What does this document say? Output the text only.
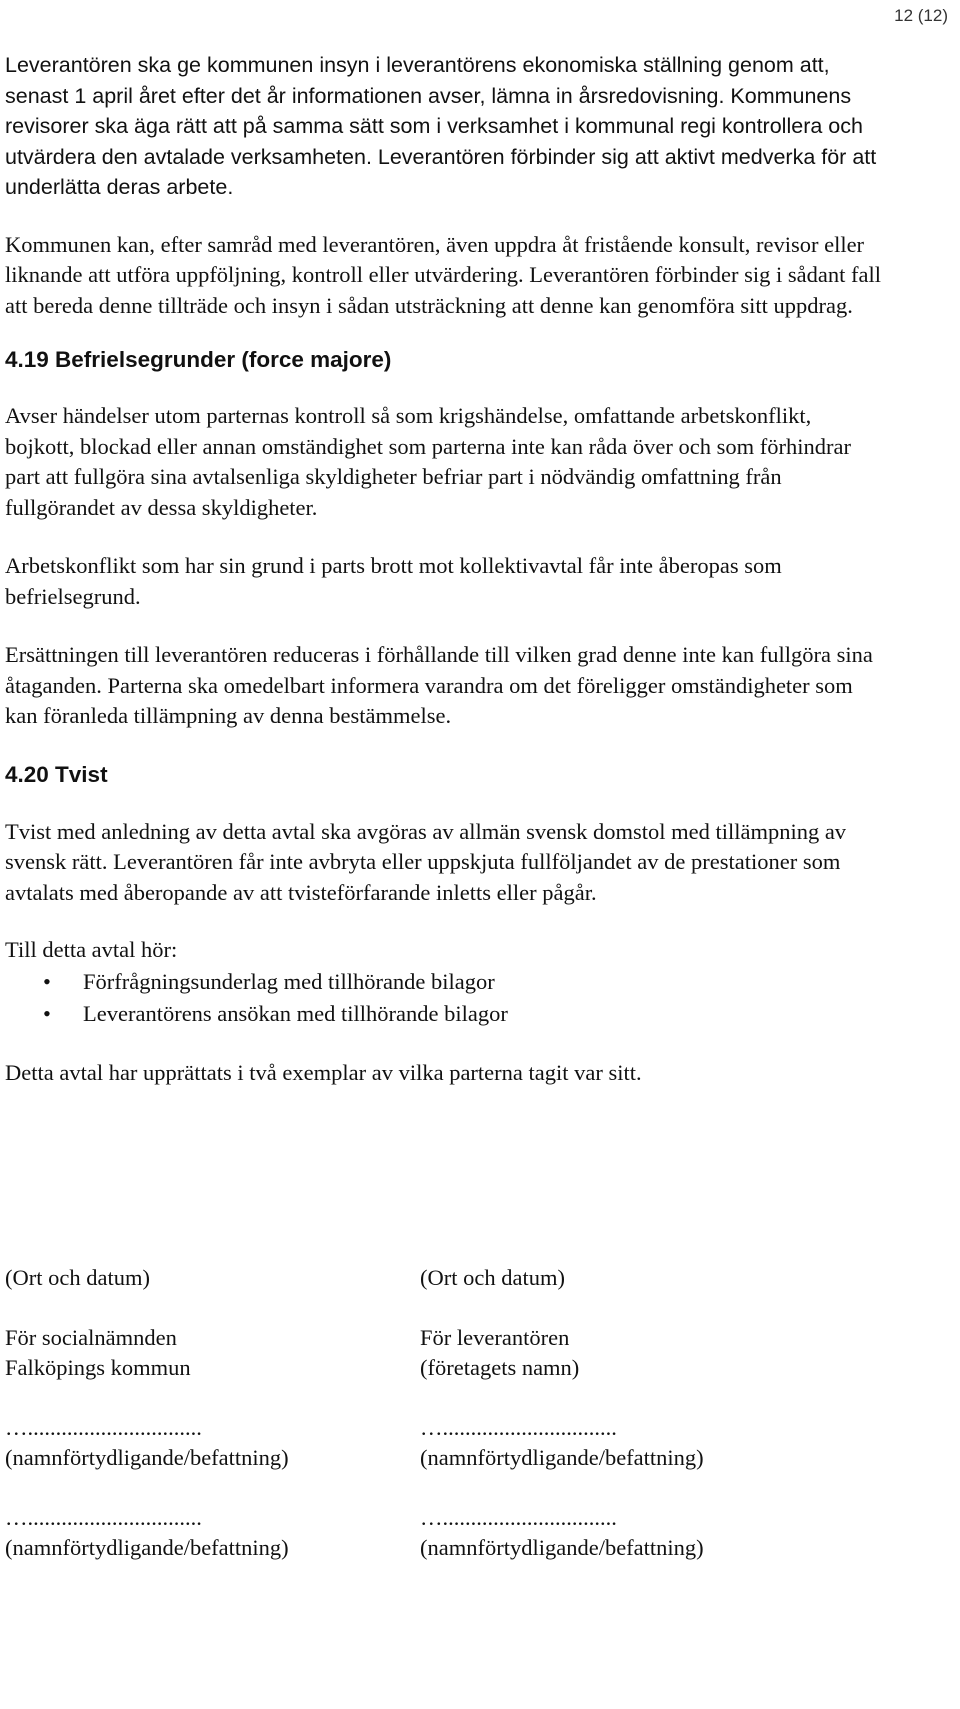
12 (12)

Leverantören ska ge kommunen insyn i leverantörens ekonomiska ställning genom att, senast 1 april året efter det år informationen avser, lämna in årsredovisning. Kommunens revisorer ska äga rätt att på samma sätt som i verksamhet i kommunal regi kontrollera och utvärdera den avtalade verksamheten. Leverantören förbinder sig att aktivt medverka för att underlätta deras arbete.

Kommunen kan, efter samråd med leverantören, även uppdra åt fristående konsult, revisor eller liknande att utföra uppföljning, kontroll eller utvärdering. Leverantören förbinder sig i sådant fall att bereda denne tillträde och insyn i sådan utsträckning att denne kan genomföra sitt uppdrag.

4.19 Befrielsegrunder (force majore)

Avser händelser utom parternas kontroll så som krigshändelse, omfattande arbetskonflikt, bojkott, blockad eller annan omständighet som parterna inte kan råda över och som förhindrar part att fullgöra sina avtalsenliga skyldigheter befriar part i nödvändig omfattning från fullgörandet av dessa skyldigheter.

Arbetskonflikt som har sin grund i parts brott mot kollektivavtal får inte åberopas som befrielsegrund.

Ersättningen till leverantören reduceras i förhållande till vilken grad denne inte kan fullgöra sina åtaganden. Parterna ska omedelbart informera varandra om det föreligger omständigheter som kan föranleda tillämpning av denna bestämmelse.

4.20 Tvist

Tvist med anledning av detta avtal ska avgöras av allmän svensk domstol med tillämpning av svensk rätt. Leverantören får inte avbryta eller uppskjuta fullföljandet av de prestationer som avtalats med åberopande av att tvisteförfarande inletts eller pågår.

Till detta avtal hör:

• Förfrågningsunderlag med tillhörande bilagor
• Leverantörens ansökan med tillhörande bilagor

Detta avtal har upprättats i två exemplar av vilka parterna tagit var sitt.

(Ort och datum)	(Ort och datum)
För socialnämnden	För leverantören
Falköpings kommun	(företagets namn)
…...............................	…...............................
(namnförtydligande/befattning)	(namnförtydligande/befattning)
…...............................	…...............................
(namnförtydligande/befattning)	(namnförtydligande/befattning)
